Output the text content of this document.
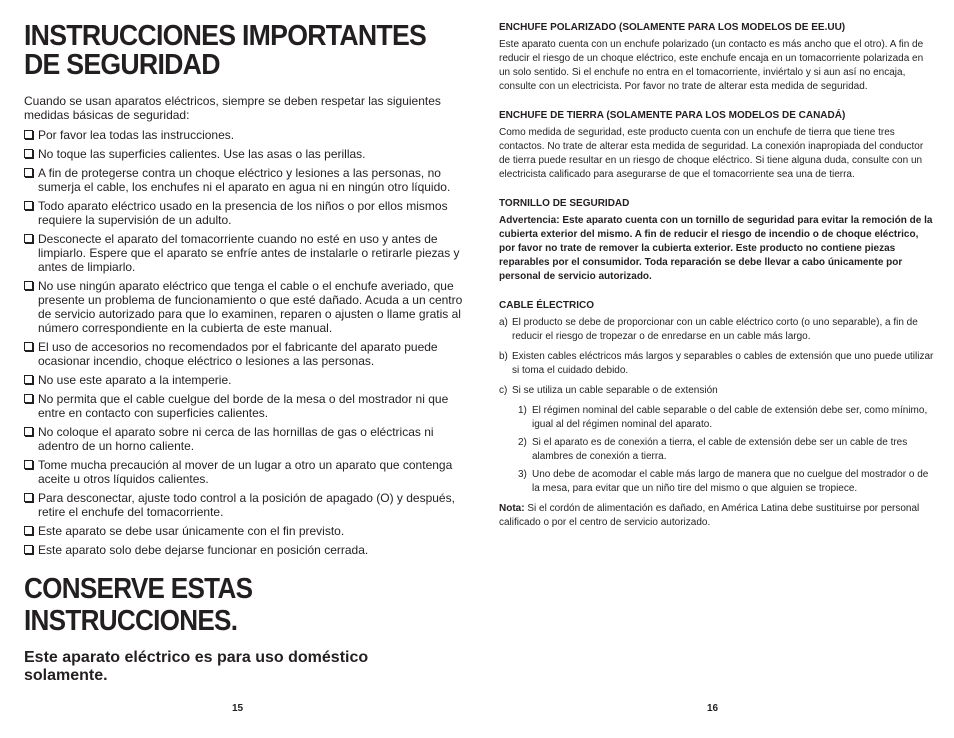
INSTRUCCIONES IMPORTANTES
DE SEGURIDAD

Cuando se usan aparatos eléctricos, siempre se deben respetar las siguientes medidas básicas de seguridad:

Por favor lea todas las instrucciones.
No toque las superficies calientes. Use las asas o las perillas.
A fin de protegerse contra un choque eléctrico y lesiones a las personas, no sumerja el cable, los enchufes ni el aparato en agua ni en ningún otro líquido.
Todo aparato eléctrico usado en la presencia de los niños o por ellos mismos requiere la supervisión de un adulto.
Desconecte el aparato del tomacorriente cuando no esté en uso y antes de limpiarlo. Espere que el aparato se enfríe antes de instalarle o retirarle piezas y antes de limpiarlo.
No use ningún aparato eléctrico que tenga el cable o el enchufe averiado, que presente un problema de funcionamiento o que esté dañado. Acuda a un centro de servicio autorizado para que lo examinen, reparen o ajusten o llame gratis al número correspondiente en la cubierta de este manual.
El uso de accesorios no recomendados por el fabricante del aparato puede ocasionar incendio, choque eléctrico o lesiones a las personas.
No use este aparato a la intemperie.
No permita que el cable cuelgue del borde de la mesa o del mostrador ni que entre en contacto con superficies calientes.
No coloque el aparato sobre ni cerca de las hornillas de gas o eléctricas ni adentro de un horno caliente.
Tome mucha precaución al mover de un lugar a otro un aparato que contenga aceite u otros líquidos calientes.
Para desconectar, ajuste todo control a la posición de apagado (O) y después, retire el enchufe del tomacorriente.
Este aparato se debe usar únicamente con el fin previsto.
Este aparato solo debe dejarse funcionar en posición cerrada.
CONSERVE ESTAS INSTRUCCIONES.

Este aparato eléctrico es para uso doméstico solamente.

15
ENCHUFE POLARIZADO (SOLAMENTE PARA LOS MODELOS DE EE.UU)

Este aparato cuenta con un enchufe polarizado (un contacto es más ancho que el otro). A fin de reducir el riesgo de un choque eléctrico, este enchufe encaja en un tomacorriente polarizada en un solo sentido. Si el enchufe no entra en el tomacorriente, inviértalo y si aun así no encaja, consulte con un electricista. Por favor no trate de alterar esta medida de seguridad.

ENCHUFE DE TIERRA (SOLAMENTE PARA LOS MODELOS DE CANADÁ)

Como medida de seguridad, este producto cuenta con un enchufe de tierra que tiene tres contactos. No trate de alterar esta medida de seguridad. La conexión inapropiada del conductor de tierra puede resultar en un riesgo de choque eléctrico. Si tiene alguna duda, consulte con un electricista calificado para asegurarse de que el tomacorriente sea una de tierra.

TORNILLO DE SEGURIDAD

Advertencia: Este aparato cuenta con un tornillo de seguridad para evitar la remoción de la cubierta exterior del mismo. A fin de reducir el riesgo de incendio o de choque eléctrico, por favor no trate de remover la cubierta exterior. Este producto no contiene piezas reparables por el consumidor. Toda reparación se debe llevar a cabo únicamente por personal de servicio autorizado.

CABLE ÉLECTRICO
a) El producto se debe de proporcionar con un cable eléctrico corto (o uno separable), a fin de reducir el riesgo de tropezar o de enredarse en un cable más largo.
b) Existen cables eléctricos más largos y separables o cables de extensión que uno puede utilizar si toma el cuidado debido.
c) Si se utiliza un cable separable o de extensión
1) El régimen nominal del cable separable o del cable de extensión debe ser, como mínimo, igual al del régimen nominal del aparato.
2) Si el aparato es de conexión a tierra, el cable de extensión debe ser un cable de tres alambres de conexión a tierra.
3) Uno debe de acomodar el cable más largo de manera que no cuelgue del mostrador o de la mesa, para evitar que un niño tire del mismo o que alguien se tropiece.

Nota: Si el cordón de alimentación es dañado, en América Latina debe sustituirse por personal calificado o por el centro de servicio autorizado.

16
